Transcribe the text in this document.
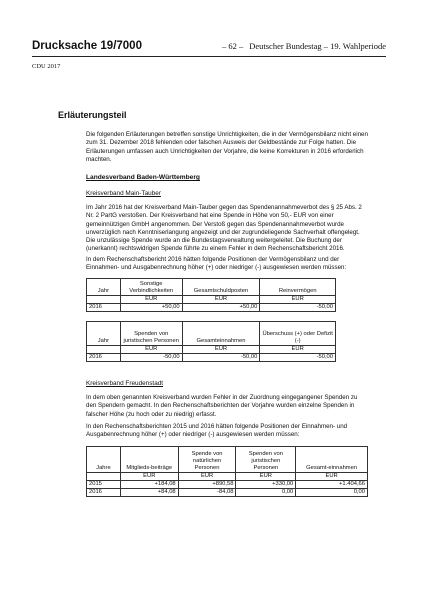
Drucksache 19/7000	– 62 – Deutscher Bundestag – 19. Wahlperiode
CDU 2017
Erläuterungsteil

Die folgenden Erläuterungen betreffen sonstige Unrichtigkeiten, die in der Vermögensbilanz nicht einen zum 31. Dezember 2018 fehlenden oder falschen Ausweis der Geldbestände zur Folge hatten. Die Erläuterungen umfassen auch Unrichtigkeiten der Vorjahre, die keine Korrekturen in 2016 erforderlich machten.

Landesverband Baden-Württemberg
Kreisverband Main-Tauber

Im Jahr 2016 hat der Kreisverband Main-Tauber gegen das Spendenannahmeverbot des § 25 Abs. 2 Nr. 2 PartG verstoßen. Der Kreisverband hat eine Spende in Höhe von 50,- EUR von einer gemeinnützigen GmbH angenommen. Der Verstoß gegen das Spendenannahmeverbot wurde unverzüglich nach Kenntniserlangung angezeigt und der zugrundeliegende Sachverhalt offengelegt. Die unzulässige Spende wurde an die Bundestagsverwaltung weitergeleitet. Die Buchung der (unerkannt) rechtswidrigen Spende führte zu einem Fehler in dem Rechenschaftsbericht 2016.

In dem Rechenschaftsbericht 2016 hätten folgende Positionen der Vermögensbilanz und der Einnahmen- und Ausgabenrechnung höher (+) oder niedriger (-) ausgewiesen werden müssen:

Jahr	Sonstige Verbindlichkeiten	Gesamtschuldposten	Reinvermögen
	EUR	EUR	EUR
2016	+50,00	+50,00	-50,00
Jahr	Spenden von juristischen Personen	Gesamteinnahmen	Überschuss (+) oder Defizit (-)
	EUR	EUR	EUR
2016	-50,00	-50,00	-50,00
Kreisverband Freudenstadt

In dem oben genannten Kreisverband wurden Fehler in der Zuordnung eingegangener Spenden zu den Spendern gemacht. In den Rechenschaftsberichten der Vorjahre wurden einzelne Spenden in falscher Höhe (zu hoch oder zu niedrig) erfasst.

In den Rechenschaftsberichten 2015 und 2016 hätten folgende Positionen der Einnahmen- und Ausgabenrechnung höher (+) oder niedriger (-) ausgewiesen werden müssen:

Jahre	Mitglieds-beiträge	Spende von natürlichen Personen	Spenden von juristischen Personen	Gesamt-einnahmen
	EUR	EUR	EUR	EUR
2015	+184,08	+890,58	+330,00	+1.404,66
2016	+84,08	-84,08	0,00	0,00
